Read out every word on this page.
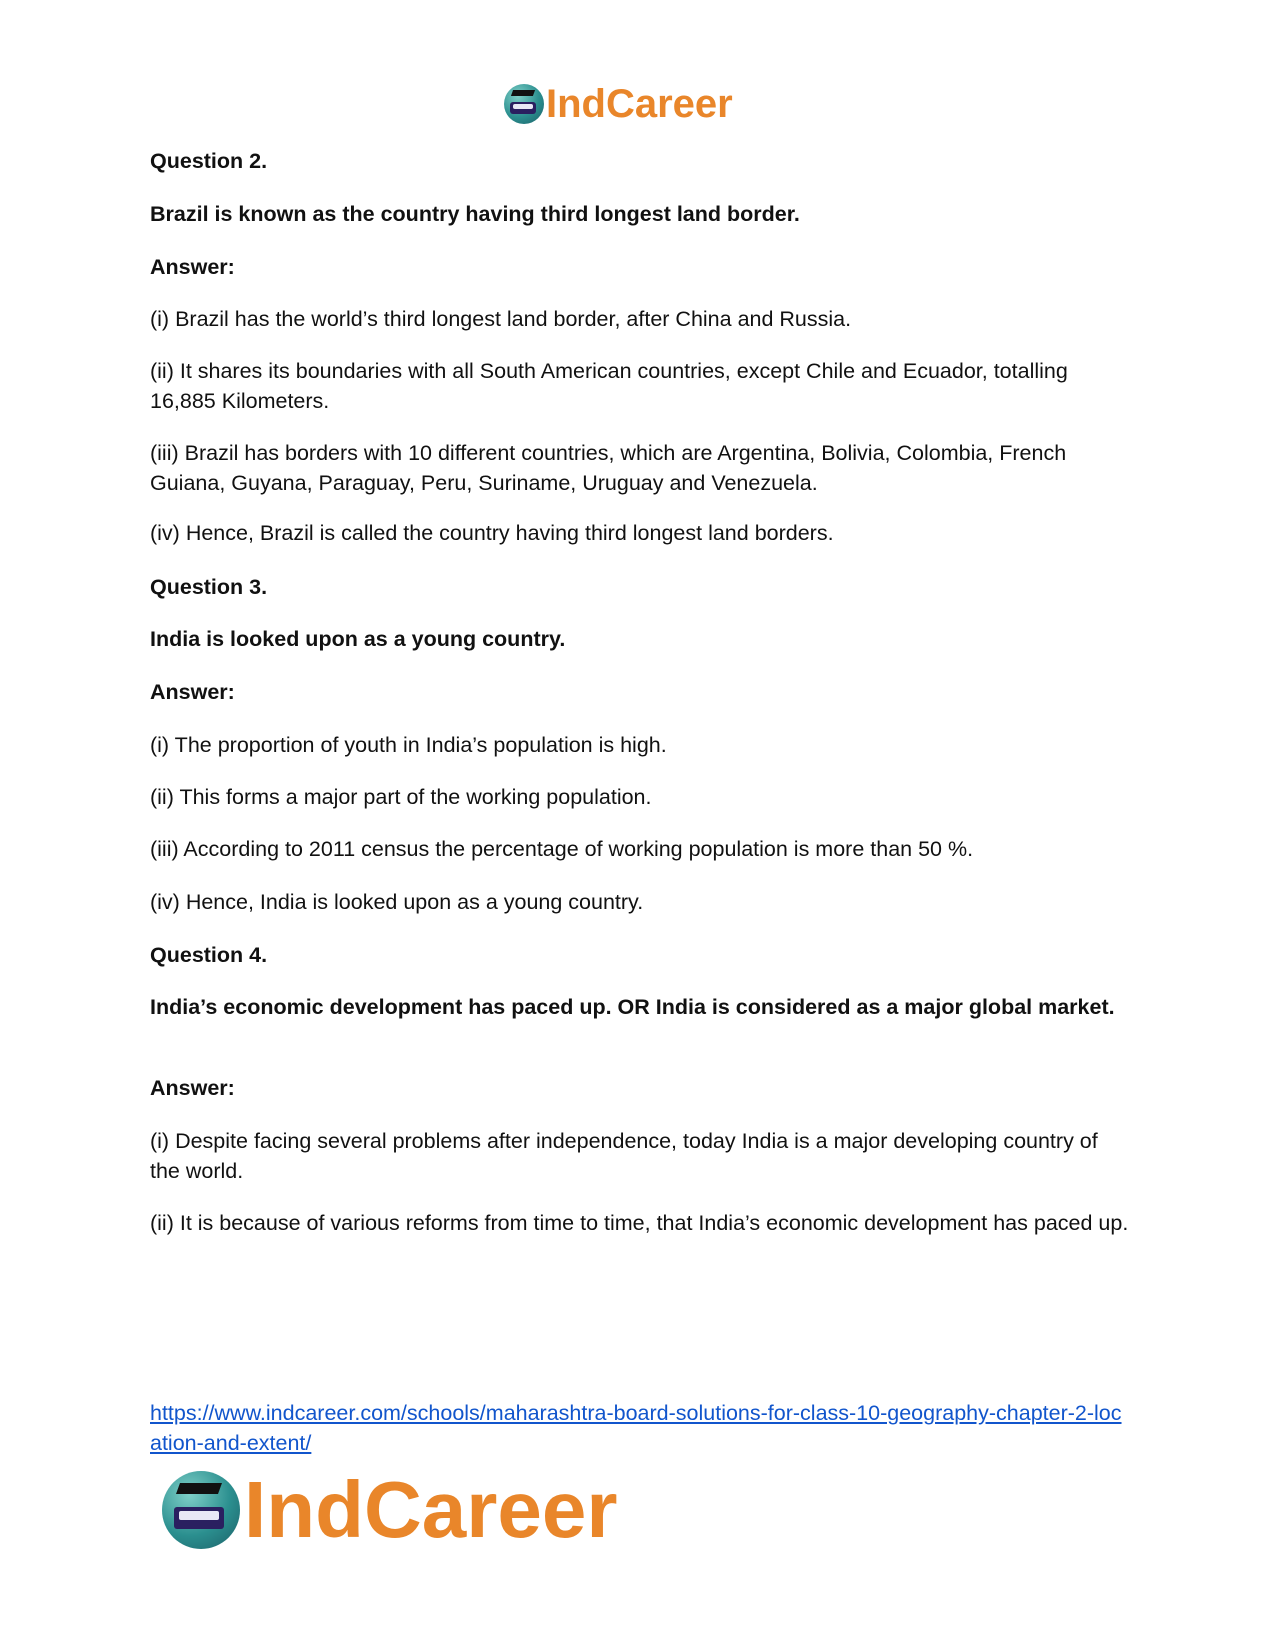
IndCareer

Question 2.

Brazil is known as the country having third longest land border.

Answer:

(i) Brazil has the world’s third longest land border, after China and Russia.

(ii) It shares its boundaries with all South American countries, except Chile and Ecuador, totalling 16,885 Kilometers.

(iii) Brazil has borders with 10 different countries, which are Argentina, Bolivia, Colombia, French Guiana, Guyana, Paraguay, Peru, Suriname, Uruguay and Venezuela.

(iv) Hence, Brazil is called the country having third longest land borders.

Question 3.

India is looked upon as a young country.

Answer:

(i) The proportion of youth in India’s population is high.

(ii) This forms a major part of the working population.

(iii) According to 2011 census the percentage of working population is more than 50 %.

(iv) Hence, India is looked upon as a young country.

Question 4.

India’s economic development has paced up. OR India is considered as a major global market.

Answer:

(i) Despite facing several problems after independence, today India is a major developing country of the world.

(ii) It is because of various reforms from time to time, that India’s economic development has paced up.

https://www.indcareer.com/schools/maharashtra-board-solutions-for-class-10-geography-chapter-2-location-and-extent/
IndCareer
